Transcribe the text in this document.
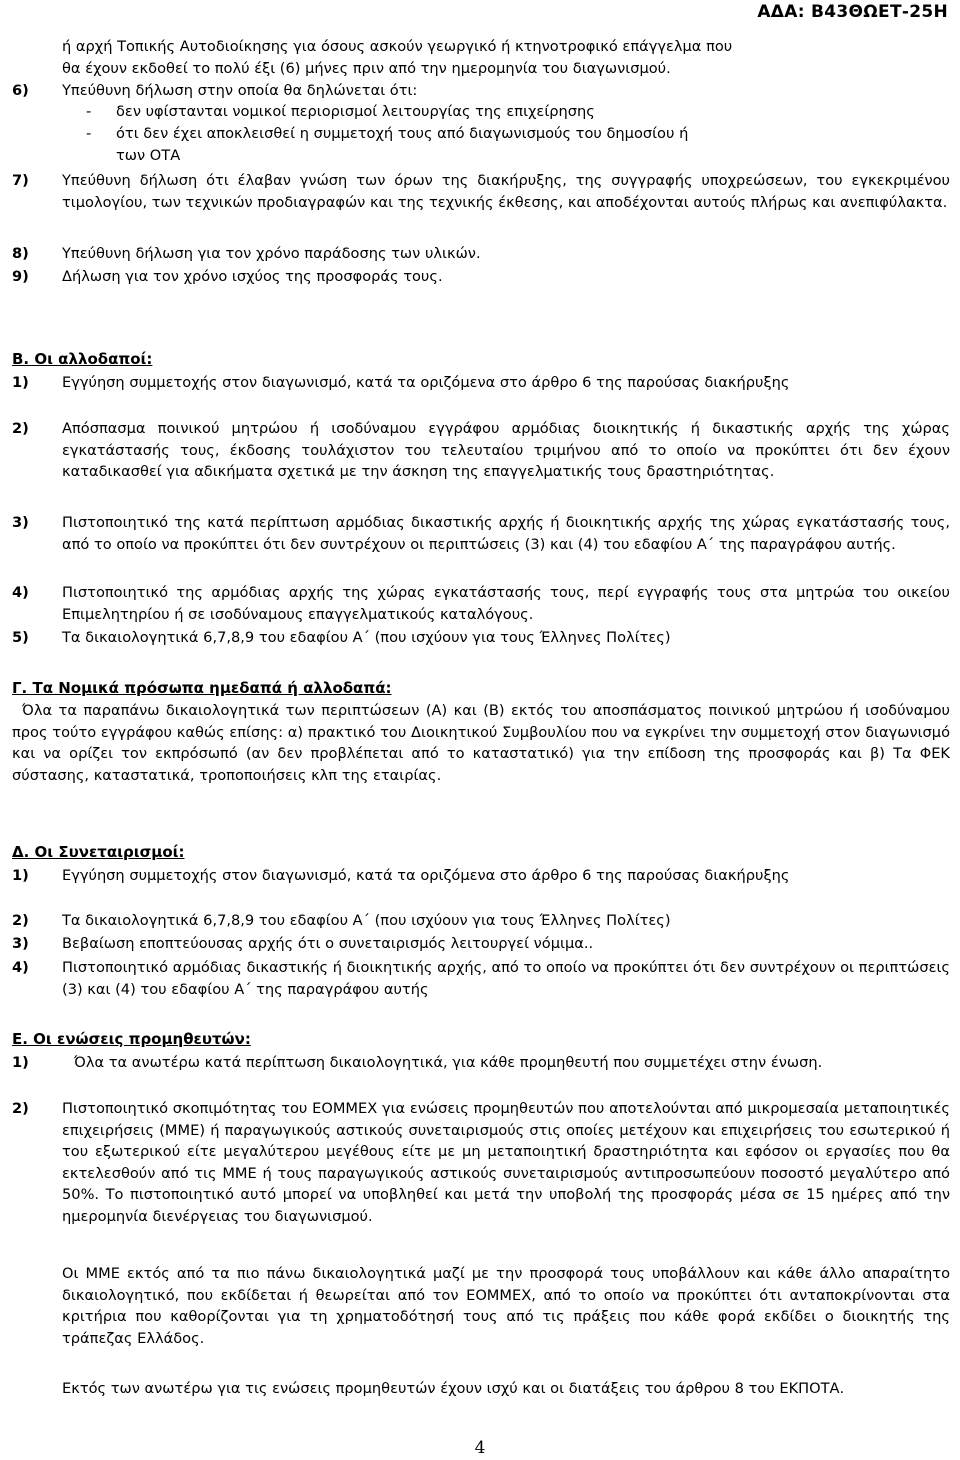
ΑΔΑ: Β43ΘΩΕΤ-25Η
ή αρχή Τοπικής Αυτοδιοίκησης για όσους ασκούν γεωργικό ή κτηνοτροφικό επάγγελμα που
θα έχουν εκδοθεί το πολύ έξι (6) μήνες πριν από την ημερομηνία του διαγωνισμού.
6) Υπεύθυνη δήλωση στην οποία θα δηλώνεται ότι:
- δεν υφίστανται νομικοί περιορισμοί λειτουργίας της επιχείρησης
- ότι δεν έχει αποκλεισθεί η συμμετοχή τους από διαγωνισμούς του δημοσίου ή
των ΟΤΑ
7) Υπεύθυνη δήλωση ότι έλαβαν γνώση των όρων της διακήρυξης, της συγγραφής υποχρεώσεων, του εγκεκριμένου τιμολογίου, των τεχνικών προδιαγραφών και της τεχνικής έκθεσης, και αποδέχονται αυτούς πλήρως και ανεπιφύλακτα.
8) Υπεύθυνη δήλωση για τον χρόνο παράδοσης των υλικών.
9) Δήλωση για τον χρόνο ισχύος της προσφοράς τους.
Β. Οι αλλοδαποί:
1) Εγγύηση συμμετοχής στον διαγωνισμό, κατά τα οριζόμενα στο άρθρο 6 της παρούσας διακήρυξης
2) Απόσπασμα ποινικού μητρώου ή ισοδύναμου εγγράφου αρμόδιας διοικητικής ή δικαστικής αρχής της χώρας εγκατάστασής τους, έκδοσης τουλάχιστον του τελευταίου τριμήνου από το οποίο να προκύπτει ότι δεν έχουν καταδικασθεί για αδικήματα σχετικά με την άσκηση της επαγγελματικής τους δραστηριότητας.
3) Πιστοποιητικό της κατά περίπτωση αρμόδιας δικαστικής αρχής ή διοικητικής αρχής της χώρας εγκατάστασής τους, από το οποίο να προκύπτει ότι δεν συντρέχουν οι περιπτώσεις (3) και (4) του εδαφίου Α΄ της παραγράφου αυτής.
4) Πιστοποιητικό της αρμόδιας αρχής της χώρας εγκατάστασής τους, περί εγγραφής τους στα μητρώα του οικείου Επιμελητηρίου ή σε ισοδύναμους επαγγελματικούς καταλόγους.
5) Τα δικαιολογητικά 6,7,8,9 του εδαφίου Α΄ (που ισχύουν για τους Έλληνες Πολίτες)
Γ. Τα Νομικά πρόσωπα ημεδαπά ή αλλοδαπά:
Όλα τα παραπάνω δικαιολογητικά των περιπτώσεων (Α) και (Β) εκτός του αποσπάσματος ποινικού μητρώου ή ισοδύναμου προς τούτο εγγράφου καθώς επίσης: α) πρακτικό του Διοικητικού Συμβουλίου που να εγκρίνει την συμμετοχή στον διαγωνισμό και να ορίζει τον εκπρόσωπό (αν δεν προβλέπεται από το καταστατικό) για την επίδοση της προσφοράς και β) Τα ΦΕΚ σύστασης, καταστατικά, τροποποιήσεις κλπ της εταιρίας.
Δ. Οι Συνεταιρισμοί:
1) Εγγύηση συμμετοχής στον διαγωνισμό, κατά τα οριζόμενα στο άρθρο 6 της παρούσας διακήρυξης
2) Τα δικαιολογητικά 6,7,8,9 του εδαφίου Α΄ (που ισχύουν για τους Έλληνες Πολίτες)
3) Βεβαίωση εποπτεύουσας αρχής ότι ο συνεταιρισμός λειτουργεί νόμιμα..
4) Πιστοποιητικό αρμόδιας δικαστικής ή διοικητικής αρχής, από το οποίο να προκύπτει ότι δεν συντρέχουν οι περιπτώσεις (3) και (4) του εδαφίου Α΄ της παραγράφου αυτής
Ε. Οι ενώσεις προμηθευτών:
1)	Όλα τα ανωτέρω κατά περίπτωση δικαιολογητικά, για κάθε προμηθευτή που συμμετέχει στην ένωση.
2) Πιστοποιητικό σκοπιμότητας του ΕΟΜΜΕΧ για ενώσεις προμηθευτών που αποτελούνται από μικρομεσαία μεταποιητικές επιχειρήσεις (ΜΜΕ) ή παραγωγικούς αστικούς συνεταιρισμούς στις οποίες μετέχουν και επιχειρήσεις του εσωτερικού ή του εξωτερικού είτε μεγαλύτερου μεγέθους είτε με μη μεταποιητική δραστηριότητα και εφόσον οι εργασίες που θα εκτελεσθούν από τις ΜΜΕ ή τους παραγωγικούς αστικούς συνεταιρισμούς αντιπροσωπεύουν ποσοστό μεγαλύτερο από 50%. Το πιστοποιητικό αυτό μπορεί να υποβληθεί και μετά την υποβολή της προσφοράς μέσα σε 15 ημέρες από την ημερομηνία διενέργειας του διαγωνισμού.
Οι ΜΜΕ εκτός από τα πιο πάνω δικαιολογητικά μαζί με την προσφορά τους υποβάλλουν και κάθε άλλο απαραίτητο δικαιολογητικό, που εκδίδεται ή θεωρείται από τον ΕΟΜΜΕΧ, από το οποίο να προκύπτει ότι ανταποκρίνονται στα κριτήρια που καθορίζονται για τη χρηματοδότησή τους από τις πράξεις που κάθε φορά εκδίδει ο διοικητής της τράπεζας Ελλάδος.
Εκτός των ανωτέρω για τις ενώσεις προμηθευτών έχουν ισχύ και οι διατάξεις του άρθρου 8 του ΕΚΠΟΤΑ.
4
